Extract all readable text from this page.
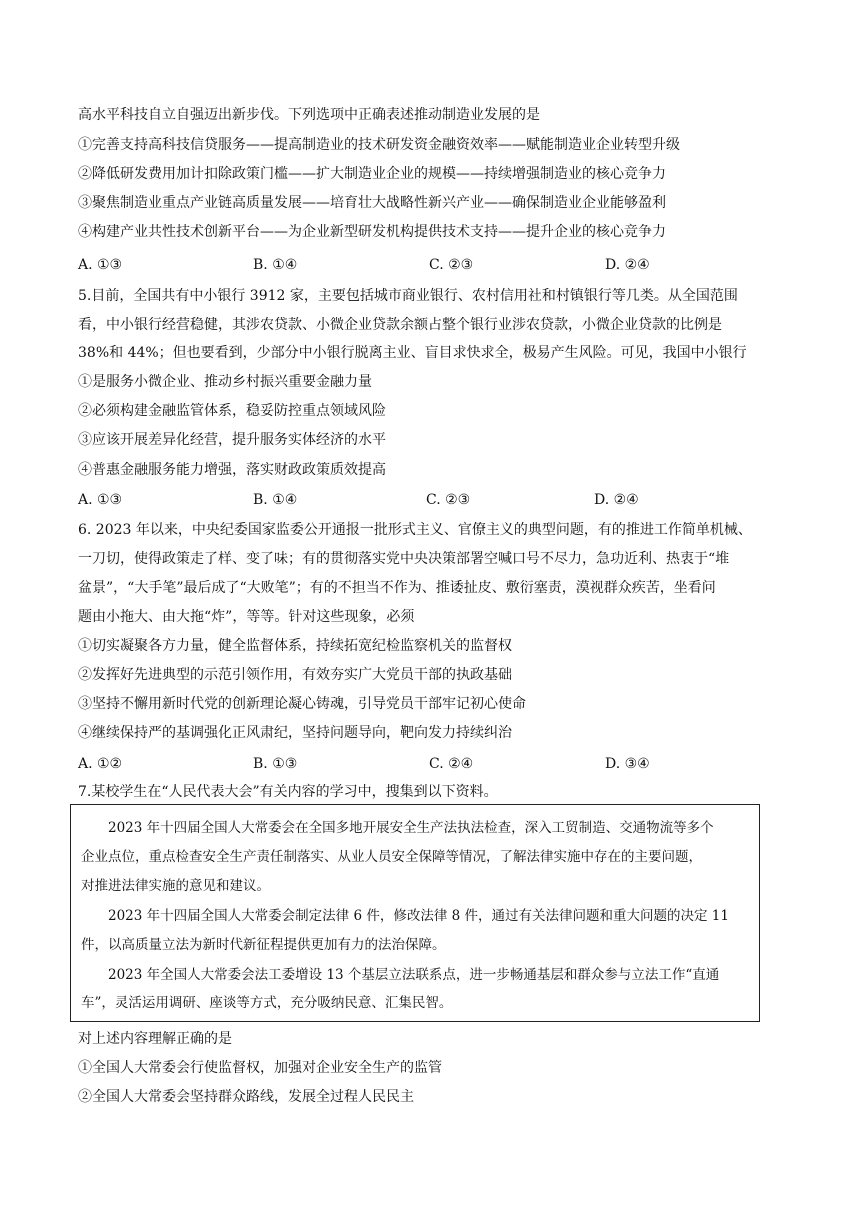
高水平科技自立自强迈出新步伐。下列选项中正确表述推动制造业发展的是
①完善支持高科技信贷服务——提高制造业的技术研发资金融资效率——赋能制造业企业转型升级
②降低研发费用加计扣除政策门槛——扩大制造业企业的规模——持续增强制造业的核心竞争力
③聚焦制造业重点产业链高质量发展——培育壮大战略性新兴产业——确保制造业企业能够盈利
④构建产业共性技术创新平台——为企业新型研发机构提供技术支持——提升企业的核心竞争力
A. ①③	B. ①④	C. ②③	D. ②④
5.目前，全国共有中小银行 3912 家，主要包括城市商业银行、农村信用社和村镇银行等几类。从全国范围
看，中小银行经营稳健，其涉农贷款、小微企业贷款余额占整个银行业涉农贷款，小微企业贷款的比例是
38%和 44%；但也要看到，少部分中小银行脱离主业、盲目求快求全，极易产生风险。可见，我国中小银行
①是服务小微企业、推动乡村振兴重要金融力量
②必须构建金融监管体系，稳妥防控重点领域风险
③应该开展差异化经营，提升服务实体经济的水平
④普惠金融服务能力增强，落实财政政策质效提高
A. ①③	B. ①④	C. ②③	D. ②④
6. 2023 年以来，中央纪委国家监委公开通报一批形式主义、官僚主义的典型问题，有的推进工作简单机械、
一刀切，使得政策走了样、变了味；有的贯彻落实党中央决策部署空喊口号不尽力，急功近利、热衷于“堆
盆景”，“大手笔”最后成了“大败笔”；有的不担当不作为、推诿扯皮、敷衍塞责，漠视群众疾苦，坐看问
题由小拖大、由大拖“炸”，等等。针对这些现象，必须
①切实凝聚各方力量，健全监督体系，持续拓宽纪检监察机关的监督权
②发挥好先进典型的示范引领作用，有效夯实广大党员干部的执政基础
③坚持不懈用新时代党的创新理论凝心铸魂，引导党员干部牢记初心使命
④继续保持严的基调强化正风肃纪，坚持问题导向，靶向发力持续纠治
A. ①②	B. ①③	C. ②④	D. ③④
7.某校学生在“人民代表大会”有关内容的学习中，搜集到以下资料。
　　2023 年十四届全国人大常委会在全国多地开展安全生产法执法检查，深入工贸制造、交通物流等多个
企业点位，重点检查安全生产责任制落实、从业人员安全保障等情况，了解法律实施中存在的主要问题，
对推进法律实施的意见和建议。
　　2023 年十四届全国人大常委会制定法律 6 件，修改法律 8 件，通过有关法律问题和重大问题的决定 11
件，以高质量立法为新时代新征程提供更加有力的法治保障。
　　2023 年全国人大常委会法工委增设 13 个基层立法联系点，进一步畅通基层和群众参与立法工作“直通
车”，灵活运用调研、座谈等方式，充分吸纳民意、汇集民智。
对上述内容理解正确的是
①全国人大常委会行使监督权，加强对企业安全生产的监管
②全国人大常委会坚持群众路线，发展全过程人民民主
